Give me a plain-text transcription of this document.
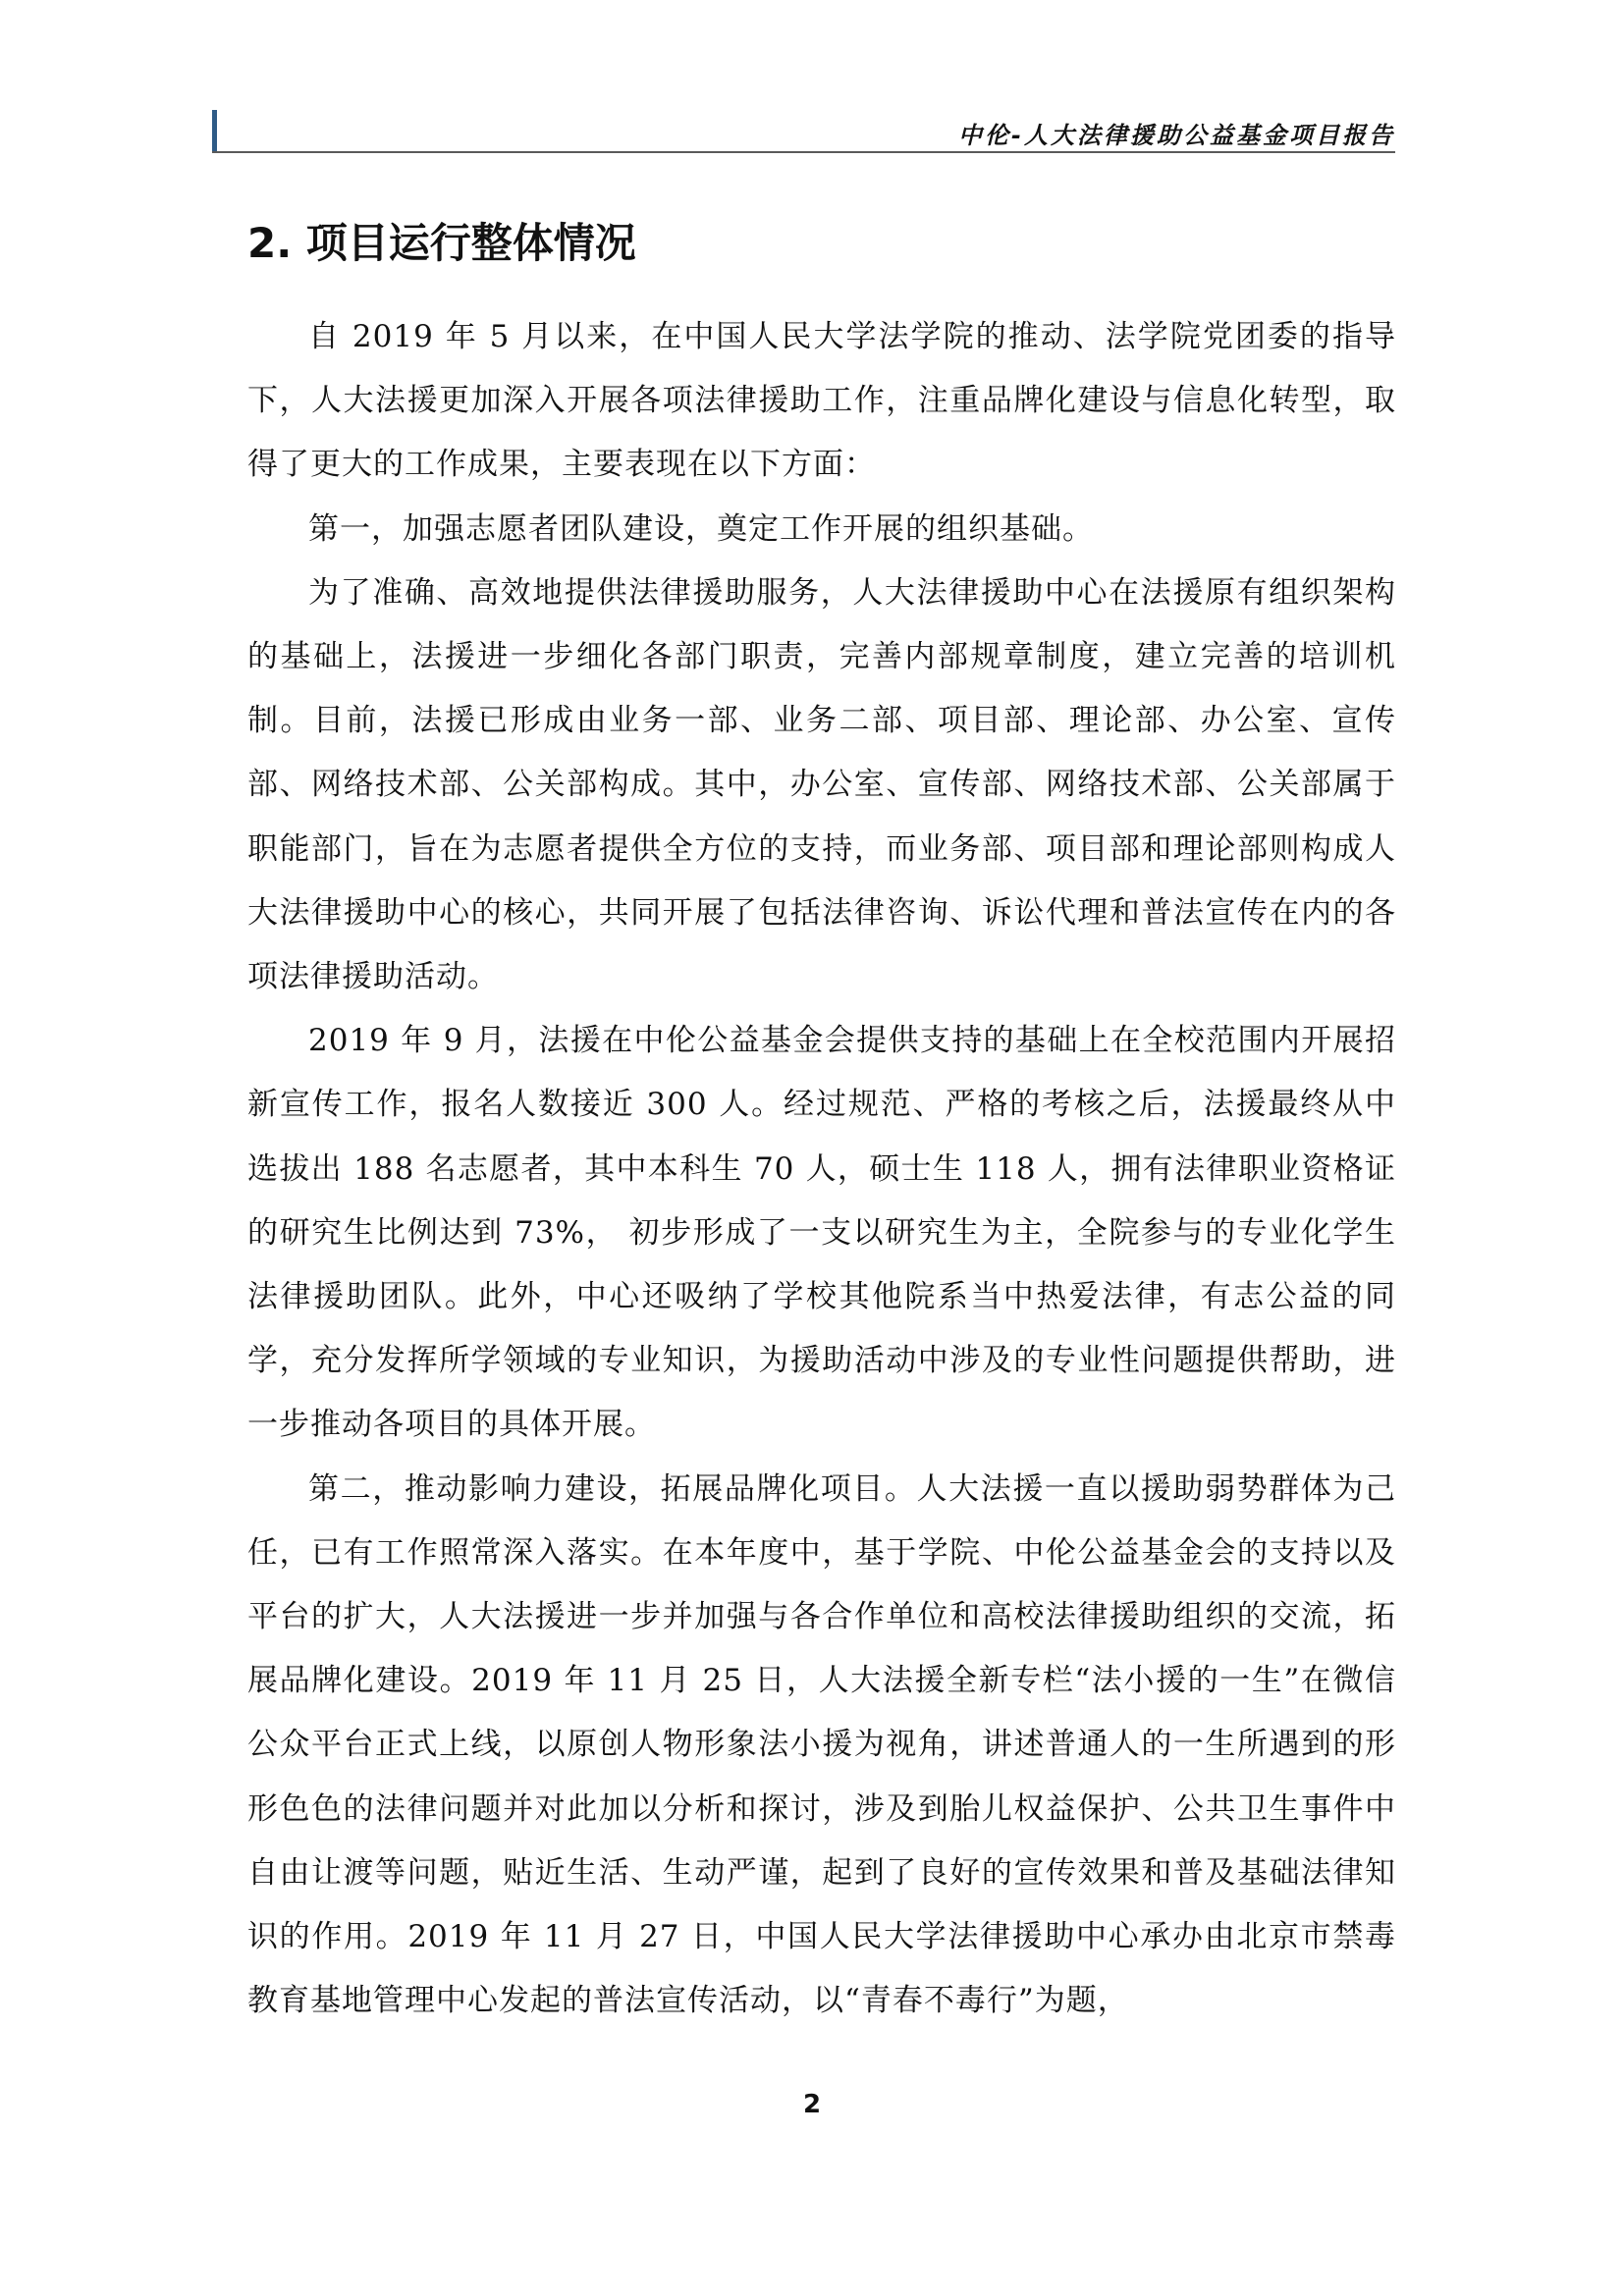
中伦-人大法律援助公益基金项目报告
2. 项目运行整体情况

自 2019 年 5 月以来，在中国人民大学法学院的推动、法学院党团委的指导下，人大法援更加深入开展各项法律援助工作，注重品牌化建设与信息化转型，取得了更大的工作成果，主要表现在以下方面：

第一，加强志愿者团队建设，奠定工作开展的组织基础。

为了准确、高效地提供法律援助服务，人大法律援助中心在法援原有组织架构的基础上，法援进一步细化各部门职责，完善内部规章制度，建立完善的培训机制。目前，法援已形成由业务一部、业务二部、项目部、理论部、办公室、宣传部、网络技术部、公关部构成。其中，办公室、宣传部、网络技术部、公关部属于职能部门，旨在为志愿者提供全方位的支持，而业务部、项目部和理论部则构成人大法律援助中心的核心，共同开展了包括法律咨询、诉讼代理和普法宣传在内的各项法律援助活动。

2019 年 9 月，法援在中伦公益基金会提供支持的基础上在全校范围内开展招新宣传工作，报名人数接近 300 人。经过规范、严格的考核之后，法援最终从中选拔出 188 名志愿者，其中本科生 70 人，硕士生 118 人，拥有法律职业资格证的研究生比例达到 73%， 初步形成了一支以研究生为主，全院参与的专业化学生法律援助团队。此外，中心还吸纳了学校其他院系当中热爱法律，有志公益的同学，充分发挥所学领域的专业知识，为援助活动中涉及的专业性问题提供帮助，进一步推动各项目的具体开展。

第二，推动影响力建设，拓展品牌化项目。人大法援一直以援助弱势群体为己任，已有工作照常深入落实。在本年度中，基于学院、中伦公益基金会的支持以及平台的扩大，人大法援进一步并加强与各合作单位和高校法律援助组织的交流，拓展品牌化建设。2019 年 11 月 25 日，人大法援全新专栏“法小援的一生”在微信公众平台正式上线，以原创人物形象法小援为视角，讲述普通人的一生所遇到的形形色色的法律问题并对此加以分析和探讨，涉及到胎儿权益保护、公共卫生事件中自由让渡等问题，贴近生活、生动严谨，起到了良好的宣传效果和普及基础法律知识的作用。2019 年 11 月 27 日，中国人民大学法律援助中心承办由北京市禁毒教育基地管理中心发起的普法宣传活动，以“青春不毒行”为题，

2
